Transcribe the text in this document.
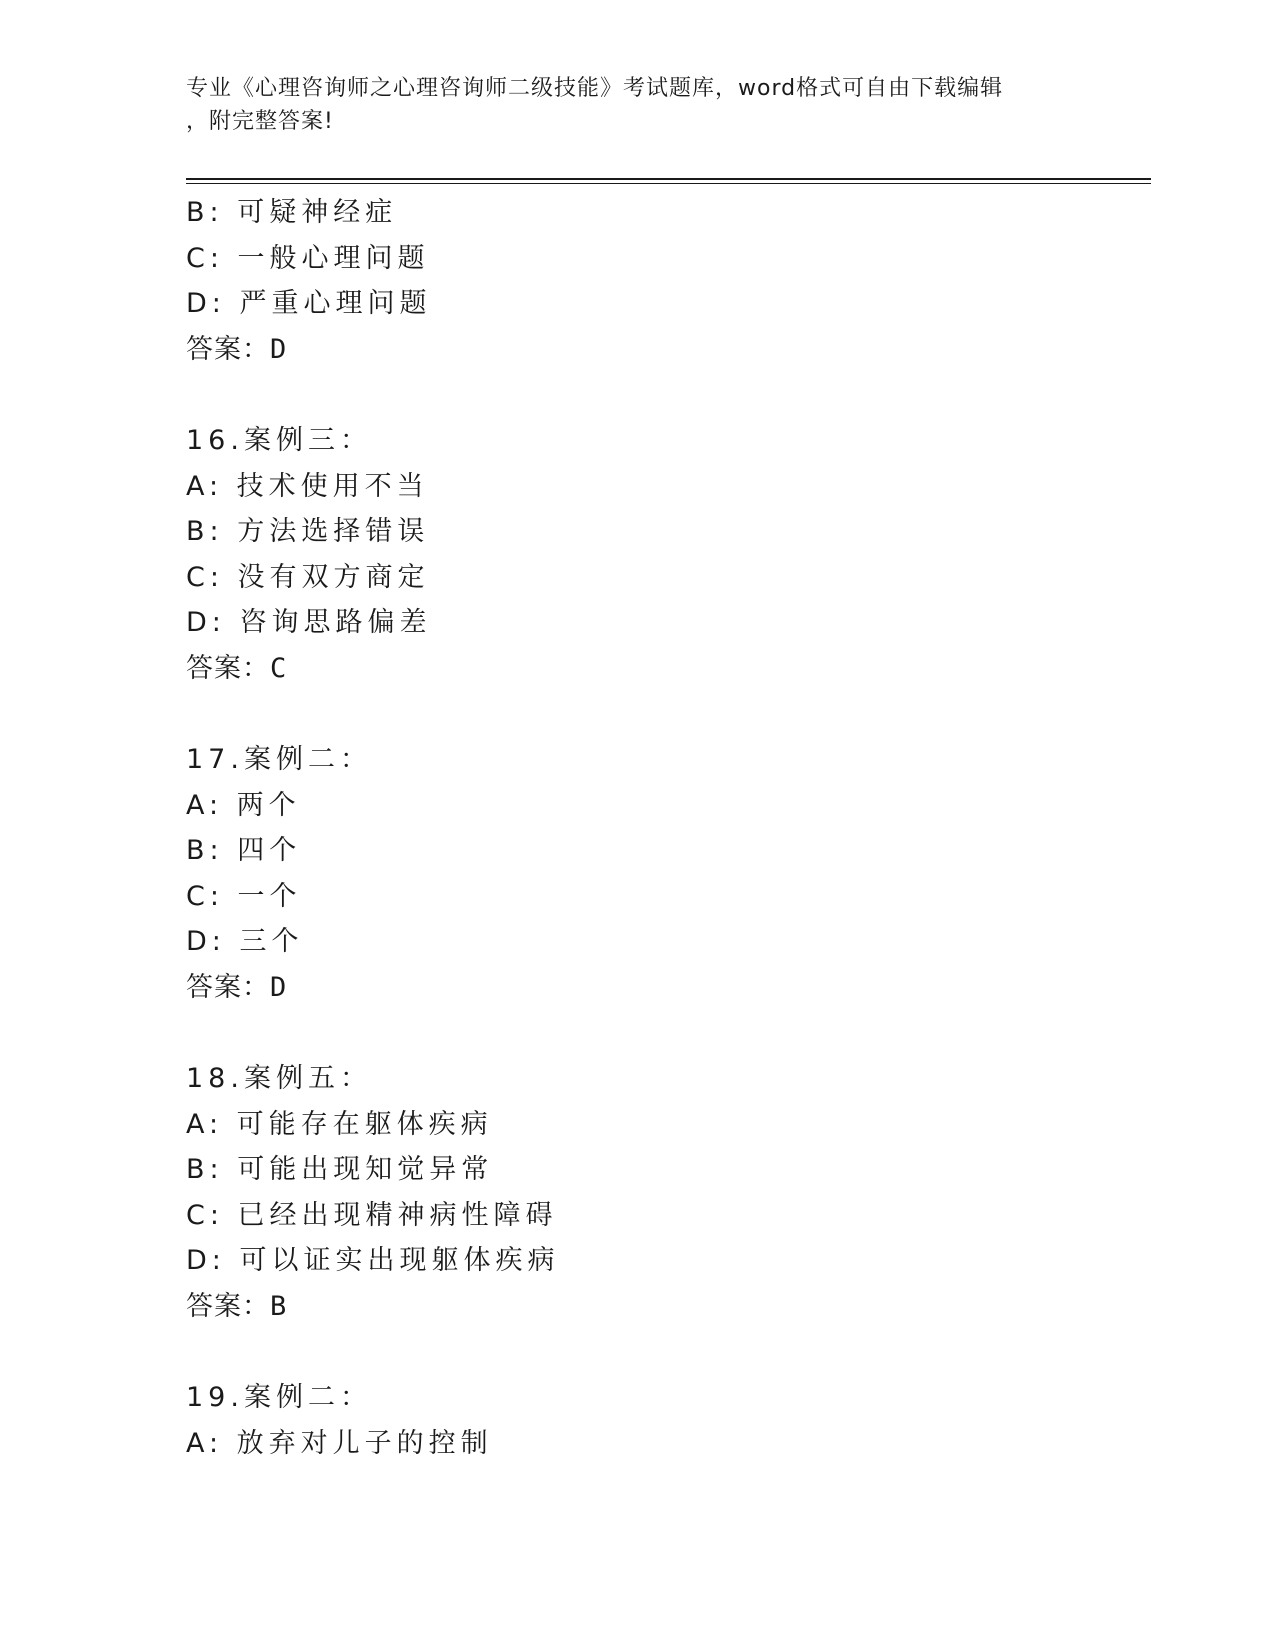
专业《心理咨询师之心理咨询师二级技能》考试题库，word格式可自由下载编辑
，附完整答案!
B: 可疑神经症
C: 一般心理问题
D: 严重心理问题
答案：D
16.案例三：
A: 技术使用不当
B: 方法选择错误
C: 没有双方商定
D: 咨询思路偏差
答案：C
17.案例二：
A: 两个
B: 四个
C: 一个
D: 三个
答案：D
18.案例五：
A: 可能存在躯体疾病
B: 可能出现知觉异常
C: 已经出现精神病性障碍
D: 可以证实出现躯体疾病
答案：B
19.案例二：
A: 放弃对儿子的控制
